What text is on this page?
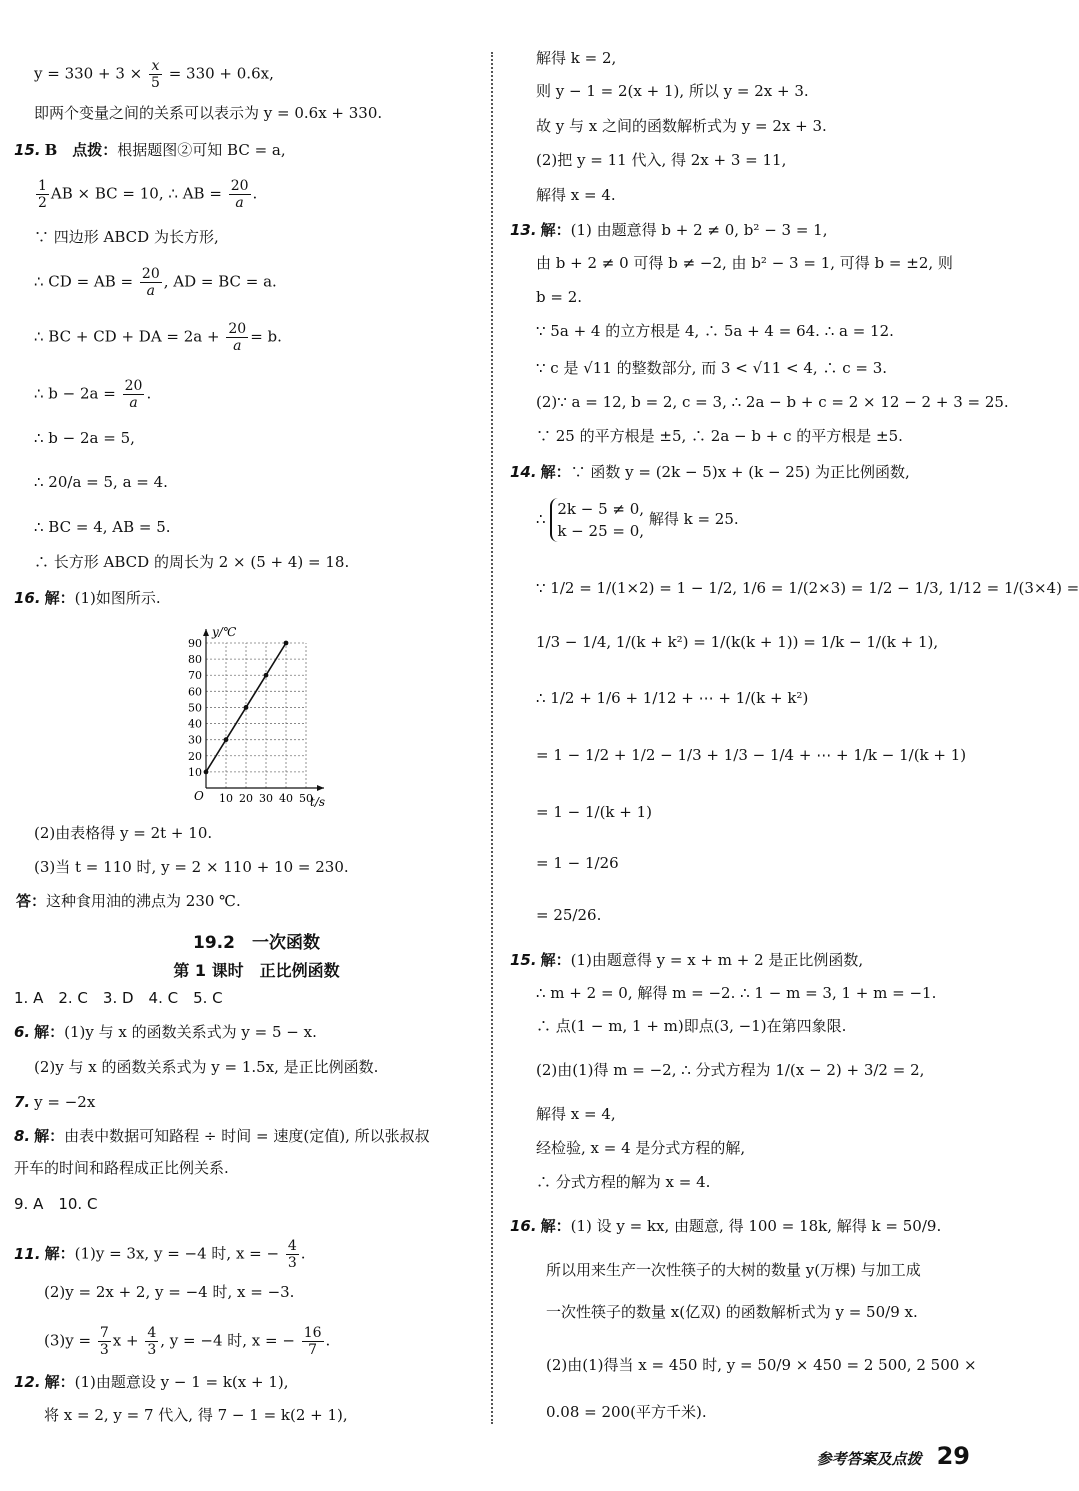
$y = 330 + 3 \times \frac{x}{5} = 330 + 0.6x$,
即两个变量之间的关系可以表示为 y = 0.6x + 330.
15. B　点拨：根据题图②可知 BC = a,
$\frac{1}{2}$ AB × BC = 10, ∴ AB = $\frac{20}{a}$ .
∵ 四边形 ABCD 为长方形,
∴ CD = AB = $\frac{20}{a}$ , AD = BC = a.
∴ BC + CD + DA = $2a + \frac{20}{a} = b$.
∴ $b - 2a = \frac{20}{a}$ .
∴ b − 2a = 5,
∴ 20/a = 5, a = 4.
∴ BC = 4, AB = 5.
∴ 长方形 ABCD 的周长为 2 × (5 + 4) = 18.
16. 解：(1)如图所示.
(2)由表格得 y = 2t + 10.
(3)当 t = 110 时, y = 2 × 110 + 10 = 230.
答：这种食用油的沸点为 230 ℃.
19.2　一次函数
第 1 课时　正比例函数
1. A　2. C　3. D　4. C　5. C
6. 解：(1)y 与 x 的函数关系式为 y = 5 − x.
(2)y 与 x 的函数关系式为 y = 1.5x, 是正比例函数.
7. y = −2x
8. 解：由表中数据可知路程 ÷ 时间 = 速度(定值), 所以张叔叔
开车的时间和路程成正比例关系.
9. A　10. C
11. 解：(1)y = 3x, y = −4 时, x = − $\frac{4}{3}$ .
(2)y = 2x + 2, y = −4 时, x = −3.
$(3)y = \frac{7}{3}$ $x + \frac{4}{3}$ , y = −4 时, x = − $\frac{16}{7}$ .
12. 解：(1)由题意设 y − 1 = k(x + 1),
将 x = 2, y = 7 代入, 得 7 − 1 = k(2 + 1),
10
20
30
40
50
60
70
80
90
10 20 30 40 50
y/℃
t/s
O
解得 k = 2,
则 y − 1 = 2(x + 1), 所以 y = 2x + 3.
故 y 与 x 之间的函数解析式为 y = 2x + 3.
(2)把 y = 11 代入, 得 2x + 3 = 11,
解得 x = 4.
13. 解：(1) 由题意得 b + 2 ≠ 0, b² − 3 = 1,
由 b + 2 ≠ 0 可得 b ≠ −2, 由 b² − 3 = 1, 可得 b = ±2, 则
b = 2.
∵ 5a + 4 的立方根是 4, ∴ 5a + 4 = 64. ∴ a = 12.
∵ c 是 √11 的整数部分, 而 3 < √11 < 4, ∴ c = 3.
(2)∵ a = 12, b = 2, c = 3, ∴ 2a − b + c = 2 × 12 − 2 + 3 = 25.
∵ 25 的平方根是 ±5, ∴ 2a − b + c 的平方根是 ±5.
14. 解：∵ 函数 y = (2k − 5)x + (k − 25) 为正比例函数,
∴
2k − 5 ≠ 0,
k − 25 = 0,
解得 k = 25.
∵ 1/2 = 1/(1×2) = 1 − 1/2, 1/6 = 1/(2×3) = 1/2 − 1/3, 1/12 = 1/(3×4) =
1/3 − 1/4, 1/(k + k²) = 1/(k(k + 1)) = 1/k − 1/(k + 1),
∴ 1/2 + 1/6 + 1/12 + ⋯ + 1/(k + k²)
= 1 − 1/2 + 1/2 − 1/3 + 1/3 − 1/4 + ⋯ + 1/k − 1/(k + 1)
= 1 − 1/(k + 1)
= 1 − 1/26
= 25/26.
15. 解：(1)由题意得 y = x + m + 2 是正比例函数,
∴ m + 2 = 0, 解得 m = −2. ∴ 1 − m = 3, 1 + m = −1.
∴ 点(1 − m, 1 + m)即点(3, −1)在第四象限.
(2)由(1)得 m = −2, ∴ 分式方程为 1/(x − 2) + 3/2 = 2,
解得 x = 4,
经检验, x = 4 是分式方程的解,
∴ 分式方程的解为 x = 4.
16. 解：(1) 设 y = kx, 由题意, 得 100 = 18k, 解得 k = 50/9.
所以用来生产一次性筷子的大树的数量 y(万棵) 与加工成
一次性筷子的数量 x(亿双) 的函数解析式为 y = 50/9 x.
(2)由(1)得当 x = 450 时, y = 50/9 × 450 = 2 500, 2 500 ×
0.08 = 200(平方千米).
参考答案及点拨 29
